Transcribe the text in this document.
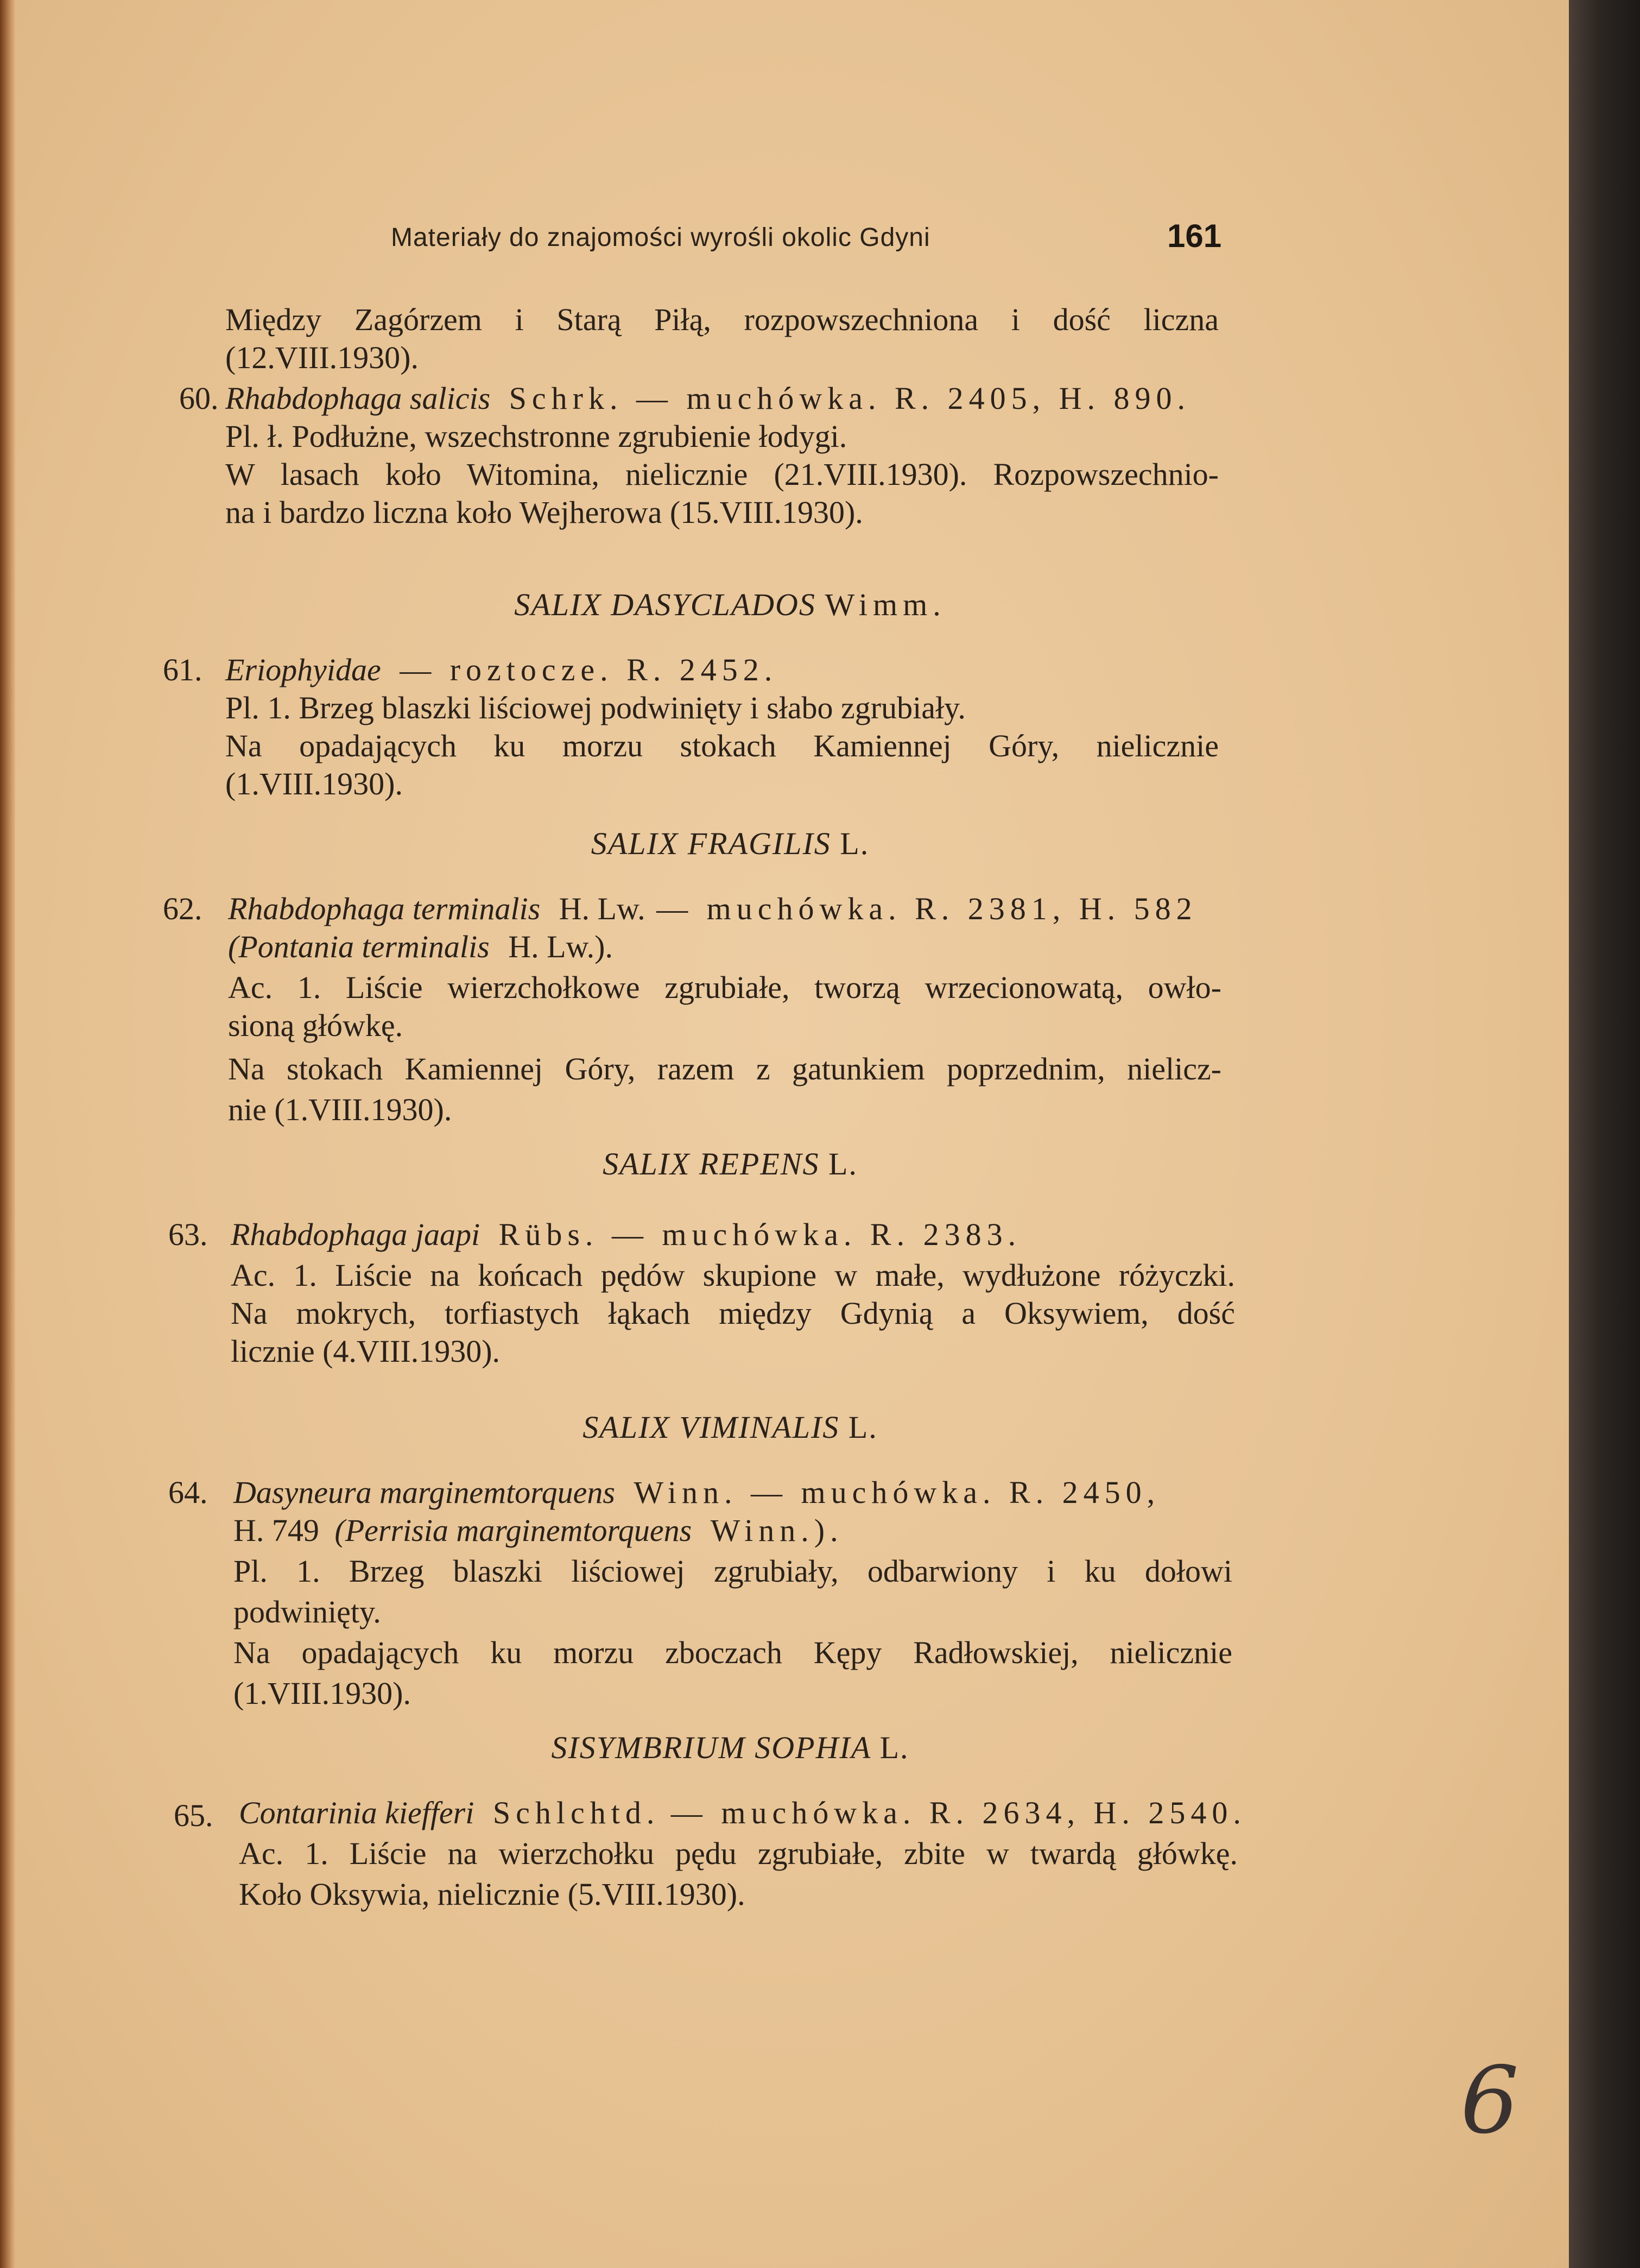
Materiały do znajomości wyrośli okolic Gdyni	161
Między Zagórzem i Starą Piłą, rozpowszechniona i dość liczna
(12.VIII.1930).
60. Rhabdophaga salicis Schrk. — muchówka. R. 2405, H. 890.
Pl. ł. Podłużne, wszechstronne zgrubienie łodygi.
W lasach koło Witomina, nielicznie (21.VIII.1930). Rozpowszechnio-
na i bardzo liczna koło Wejherowa (15.VIII.1930).
SALIX DASYCLADOS Wimm.
61. Eriophyidae — roztocze. R. 2452.
Pl. 1. Brzeg blaszki liściowej podwinięty i słabo zgrubiały.
Na opadających ku morzu stokach Kamiennej Góry, nielicznie
(1.VIII.1930).
SALIX FRAGILIS L.
62. Rhabdophaga terminalis H. Lw. — muchówka. R. 2381, H. 582
(Pontania terminalis H. Lw.).
Ac. 1. Liście wierzchołkowe zgrubiałe, tworzą wrzecionowatą, owło-
sioną główkę.
Na stokach Kamiennej Góry, razem z gatunkiem poprzednim, nielicz-
nie (1.VIII.1930).
SALIX REPENS L.
63. Rhabdophaga jaapi Rübs. — muchówka. R. 2383.
Ac. 1. Liście na końcach pędów skupione w małe, wydłużone różyczki.
Na mokrych, torfiastych łąkach między Gdynią a Oksywiem, dość
licznie (4.VIII.1930).
SALIX VIMINALIS L.
64. Dasyneura marginemtorquens Winn. — muchówka. R. 2450,
H. 749 (Perrisia marginemtorquens Winn.).
Pl. 1. Brzeg blaszki liściowej zgrubiały, odbarwiony i ku dołowi
podwinięty.
Na opadających ku morzu zboczach Kępy Radłowskiej, nielicznie
(1.VIII.1930).
SISYMBRIUM SOPHIA L.
65. Contarinia kiefferi Schlchtd. — muchówka. R. 2634, H. 2540.
Ac. 1. Liście na wierzchołku pędu zgrubiałe, zbite w twardą główkę.
Koło Oksywia, nielicznie (5.VIII.1930).
6
